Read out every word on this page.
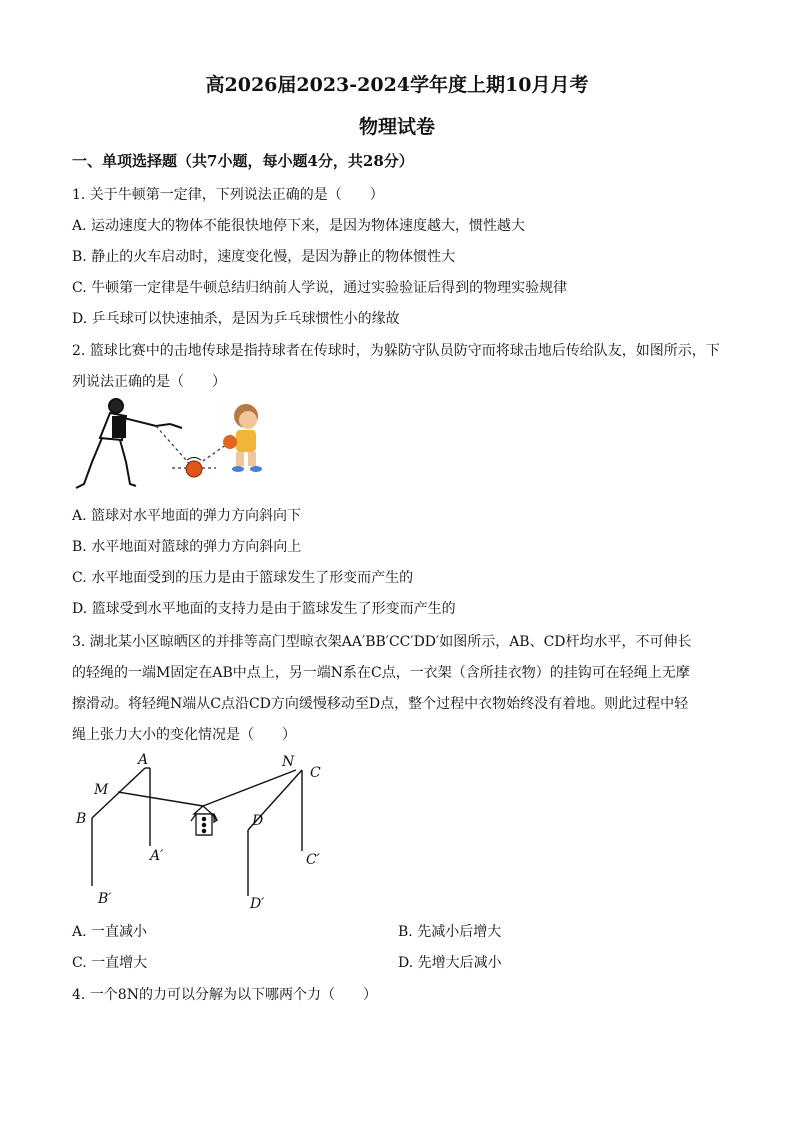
高2026届2023-2024学年度上期10月月考
物理试卷
一、单项选择题（共7小题，每小题4分，共28分）
1. 关于牛顿第一定律，下列说法正确的是（　　）
A. 运动速度大的物体不能很快地停下来，是因为物体速度越大，惯性越大
B. 静止的火车启动时，速度变化慢，是因为静止的物体惯性大
C. 牛顿第一定律是牛顿总结归纳前人学说，通过实验验证后得到的物理实验规律
D. 乒乓球可以快速抽杀，是因为乒乓球惯性小的缘故
2. 篮球比赛中的击地传球是指持球者在传球时，为躲防守队员防守而将球击地后传给队友，如图所示，下
列说法正确的是（　　）
A. 篮球对水平地面的弹力方向斜向下
B. 水平地面对篮球的弹力方向斜向上
C. 水平地面受到的压力是由于篮球发生了形变而产生的
D. 篮球受到水平地面的支持力是由于篮球发生了形变而产生的
3. 湖北某小区晾晒区的并排等高门型晾衣架AA′BB′CC′DD′如图所示，AB、CD杆均水平，不可伸长
的轻绳的一端M固定在AB中点上，另一端N系在C点，一衣架（含所挂衣物）的挂钩可在轻绳上无摩
擦滑动。将轻绳N端从C点沿CD方向缓慢移动至D点，整个过程中衣物始终没有着地。则此过程中轻
绳上张力大小的变化情况是（　　）
A
M
B
A′
B′
N
C
D
C′
D′
A. 一直减小	B. 先减小后增大
C. 一直增大	D. 先增大后减小
4. 一个8N的力可以分解为以下哪两个力（　　）
